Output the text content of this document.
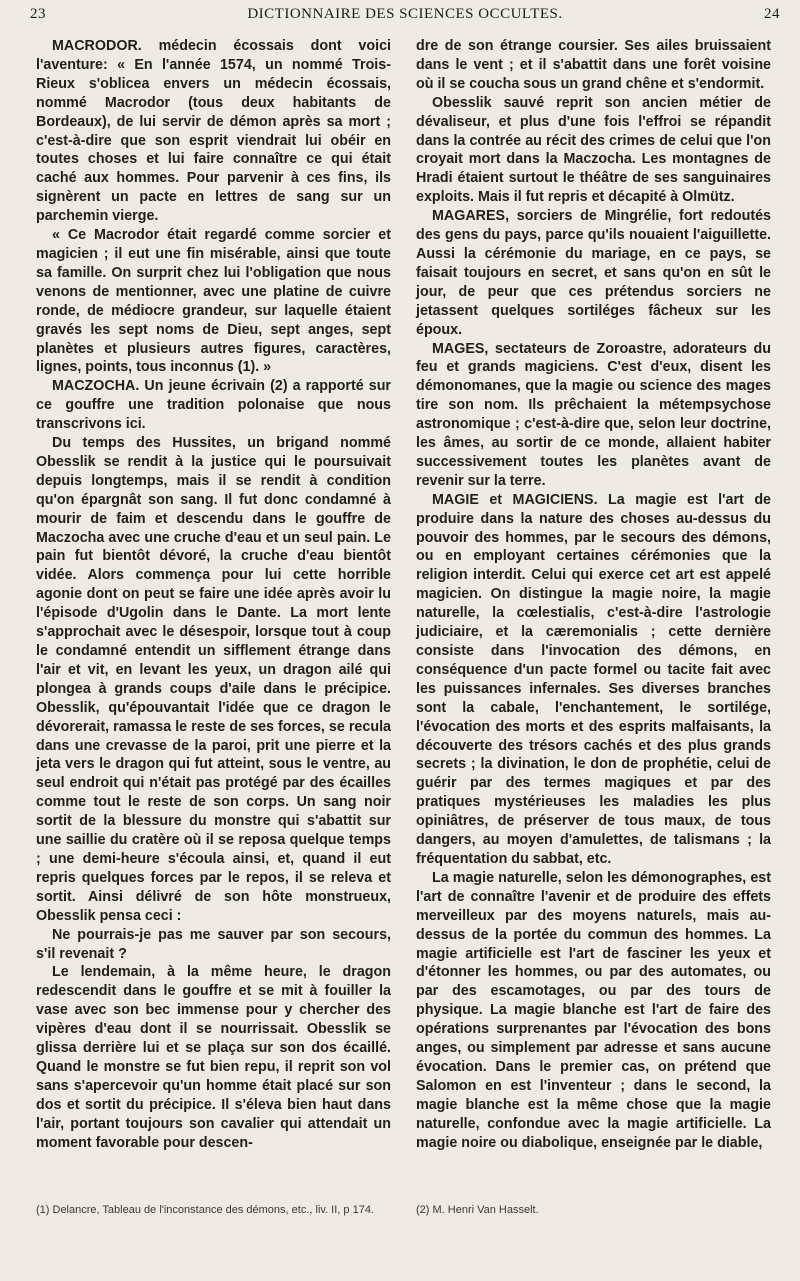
23	DICTIONNAIRE DES SCIENCES OCCULTES.	24

MACRODOR. médecin écossais dont voici l'aventure: « En l'année 1574, un nommé Trois-Rieux s'oblicea envers un médecin écossais, nommé Macrodor (tous deux habitants de Bordeaux), de lui servir de démon après sa mort ; c'est-à-dire que son esprit viendrait lui obéir en toutes choses et lui faire connaître ce qui était caché aux hommes. Pour parvenir à ces fins, ils signèrent un pacte en lettres de sang sur un parchemin vierge.

« Ce Macrodor était regardé comme sorcier et magicien ; il eut une fin misérable, ainsi que toute sa famille. On surprit chez lui l'obligation que nous venons de mentionner, avec une platine de cuivre ronde, de médiocre grandeur, sur laquelle étaient gravés les sept noms de Dieu, sept anges, sept planètes et plusieurs autres figures, caractères, lignes, points, tous inconnus (1). »

MACZOCHA. Un jeune écrivain (2) a rapporté sur ce gouffre une tradition polonaise que nous transcrivons ici.

Du temps des Hussites, un brigand nommé Obesslik se rendit à la justice qui le poursuivait depuis longtemps, mais il se rendit à condition qu'on épargnât son sang. Il fut donc condamné à mourir de faim et descendu dans le gouffre de Maczocha avec une cruche d'eau et un seul pain. Le pain fut bientôt dévoré, la cruche d'eau bientôt vidée. Alors commença pour lui cette horrible agonie dont on peut se faire une idée après avoir lu l'épisode d'Ugolin dans le Dante. La mort lente s'approchait avec le désespoir, lorsque tout à coup le condamné entendit un sifflement étrange dans l'air et vit, en levant les yeux, un dragon ailé qui plongea à grands coups d'aile dans le précipice. Obesslik, qu'épouvantait l'idée que ce dragon le dévorerait, ramassa le reste de ses forces, se recula dans une crevasse de la paroi, prit une pierre et la jeta vers le dragon qui fut atteint, sous le ventre, au seul endroit qui n'était pas protégé par des écailles comme tout le reste de son corps. Un sang noir sortit de la blessure du monstre qui s'abattit sur une saillie du cratère où il se reposa quelque temps ; une demi-heure s'écoula ainsi, et, quand il eut repris quelques forces par le repos, il se releva et sortit. Ainsi délivré de son hôte monstrueux, Obesslik pensa ceci :

Ne pourrais-je pas me sauver par son secours, s'il revenait ?

Le lendemain, à la même heure, le dragon redescendit dans le gouffre et se mit à fouiller la vase avec son bec immense pour y chercher des vipères d'eau dont il se nourrissait. Obesslik se glissa derrière lui et se plaça sur son dos écaillé. Quand le monstre se fut bien repu, il reprit son vol sans s'apercevoir qu'un homme était placé sur son dos et sortit du précipice. Il s'éleva bien haut dans l'air, portant toujours son cavalier qui attendait un moment favorable pour descen-

dre de son étrange coursier. Ses ailes bruissaient dans le vent ; et il s'abattit dans une forêt voisine où il se coucha sous un grand chêne et s'endormit.

Obesslik sauvé reprit son ancien métier de dévaliseur, et plus d'une fois l'effroi se répandit dans la contrée au récit des crimes de celui que l'on croyait mort dans la Maczocha. Les montagnes de Hradi étaient surtout le théâtre de ses sanguinaires exploits. Mais il fut repris et décapité à Olmütz.

MAGARES, sorciers de Mingrélie, fort redoutés des gens du pays, parce qu'ils nouaient l'aiguillette. Aussi la cérémonie du mariage, en ce pays, se faisait toujours en secret, et sans qu'on en sût le jour, de peur que ces prétendus sorciers ne jetassent quelques sortiléges fâcheux sur les époux.

MAGES, sectateurs de Zoroastre, adorateurs du feu et grands magiciens. C'est d'eux, disent les démonomanes, que la magie ou science des mages tire son nom. Ils prêchaient la métempsychose astronomique ; c'est-à-dire que, selon leur doctrine, les âmes, au sortir de ce monde, allaient habiter successivement toutes les planètes avant de revenir sur la terre.

MAGIE et MAGICIENS. La magie est l'art de produire dans la nature des choses au-dessus du pouvoir des hommes, par le secours des démons, ou en employant certaines cérémonies que la religion interdit. Celui qui exerce cet art est appelé magicien. On distingue la magie noire, la magie naturelle, la cœlestialis, c'est-à-dire l'astrologie judiciaire, et la cæremonialis ; cette dernière consiste dans l'invocation des démons, en conséquence d'un pacte formel ou tacite fait avec les puissances infernales. Ses diverses branches sont la cabale, l'enchantement, le sortilége, l'évocation des morts et des esprits malfaisants, la découverte des trésors cachés et des plus grands secrets ; la divination, le don de prophétie, celui de guérir par des termes magiques et par des pratiques mystérieuses les maladies les plus opiniâtres, de préserver de tous maux, de tous dangers, au moyen d'amulettes, de talismans ; la fréquentation du sabbat, etc.

La magie naturelle, selon les démonographes, est l'art de connaître l'avenir et de produire des effets merveilleux par des moyens naturels, mais au-dessus de la portée du commun des hommes. La magie artificielle est l'art de fasciner les yeux et d'étonner les hommes, ou par des automates, ou par des escamotages, ou par des tours de physique. La magie blanche est l'art de faire des opérations surprenantes par l'évocation des bons anges, ou simplement par adresse et sans aucune évocation. Dans le premier cas, on prétend que Salomon en est l'inventeur ; dans le second, la magie blanche est la même chose que la magie naturelle, confondue avec la magie artificielle. La magie noire ou diabolique, enseignée par le diable,

(1) Delancre, Tableau de l'inconstance des démons, etc., liv. II, p 174.	(2) M. Henri Van Hasselt.
